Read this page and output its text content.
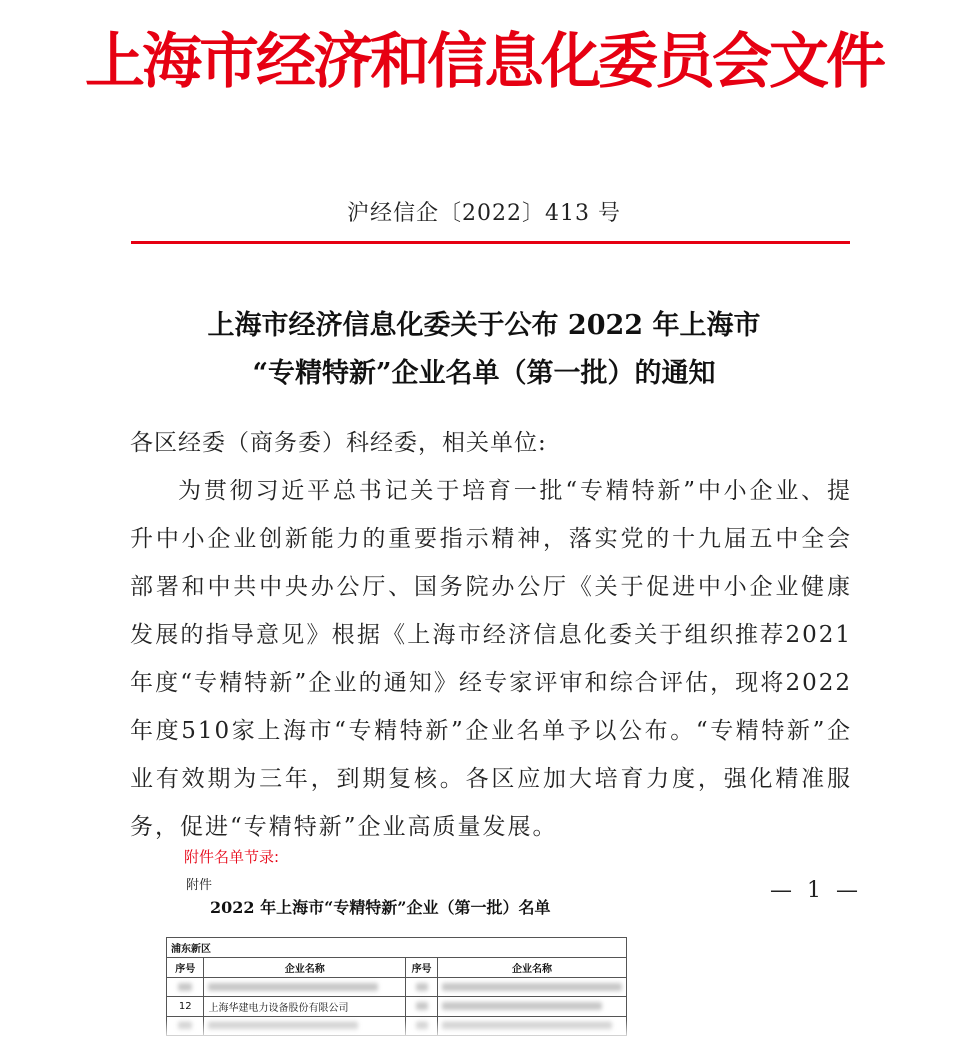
上海市经济和信息化委员会文件
沪经信企〔2022〕413 号
上海市经济信息化委关于公布 2022 年上海市
“专精特新”企业名单（第一批）的通知
各区经委（商务委）科经委，相关单位:
为贯彻习近平总书记关于培育一批“专精特新”中小企业、提升中小企业创新能力的重要指示精神，落实党的十九届五中全会部署和中共中央办公厅、国务院办公厅《关于促进中小企业健康发展的指导意见》根据《上海市经济信息化委关于组织推荐2021年度“专精特新”企业的通知》经专家评审和综合评估，现将2022年度510家上海市“专精特新”企业名单予以公布。“专精特新”企业有效期为三年，到期复核。各区应加大培育力度，强化精准服务，促进“专精特新”企业高质量发展。
附件名单节录:
附件	— 1 —
2022 年上海市“专精特新”企业（第一批）名单
浦东新区			
序号	企业名称	序号	企业名称

12	上海华建电力设备股份有限公司		
